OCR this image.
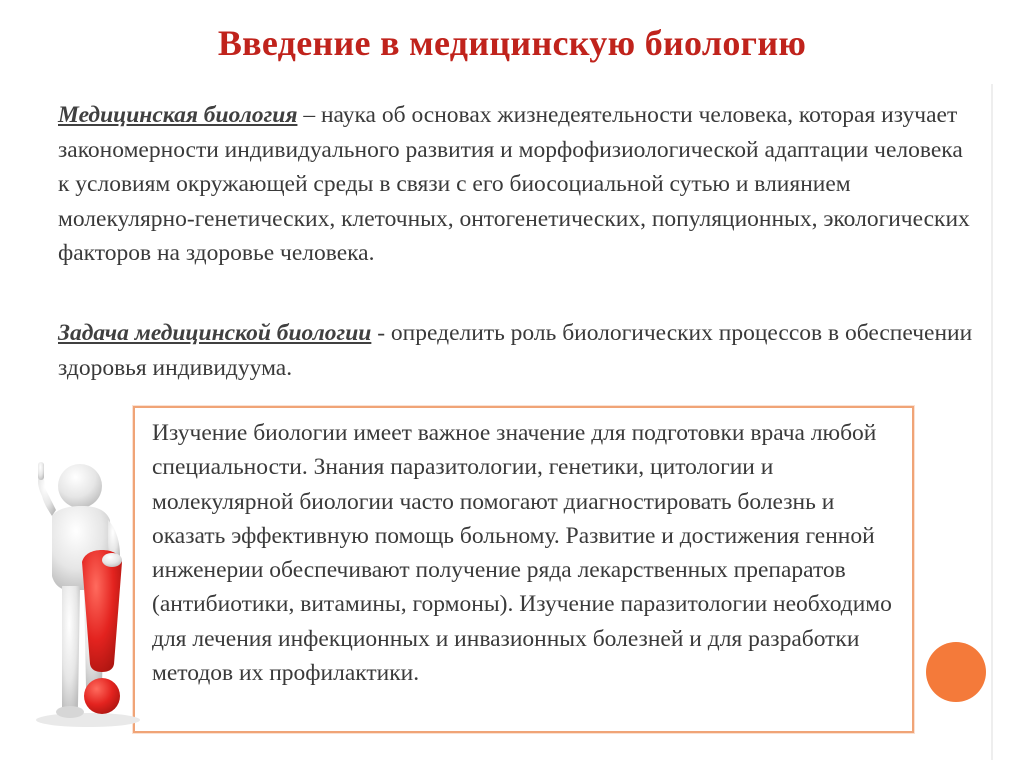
Введение в медицинскую биологию
Медицинская биология – наука об основах жизнедеятельности человека, которая изучает закономерности индивидуального развития и морфофизиологической адаптации человека к условиям окружающей среды в связи с его биосоциальной сутью и влиянием молекулярно-генетических, клеточных, онтогенетических, популяционных, экологических факторов на здоровье человека.
Задача медицинской биологии - определить роль биологических процессов в обеспечении здоровья индивидуума.
Изучение биологии имеет важное значение для подготовки врача любой специальности. Знания паразитологии, генетики, цитологии и молекулярной биологии часто помогают диагностировать болезнь и оказать эффективную помощь больному. Развитие и достижения генной инженерии обеспечивают получение ряда лекарственных препаратов (антибиотики, витамины, гормоны). Изучение паразитологии необходимо для лечения инфекционных и инвазионных болезней и для разработки методов их профилактики.
